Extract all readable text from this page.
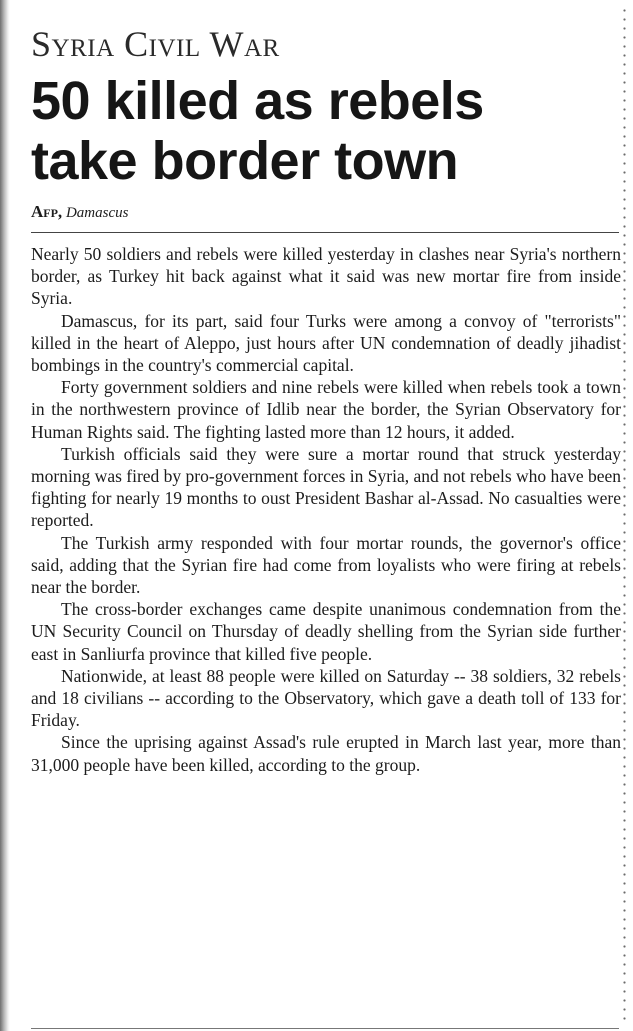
Syria Civil War
50 killed as rebels
take border town
Afp, Damascus

Nearly 50 soldiers and rebels were killed yesterday in clashes near Syria's northern border, as Turkey hit back against what it said was new mortar fire from inside Syria.

Damascus, for its part, said four Turks were among a convoy of "terrorists" killed in the heart of Aleppo, just hours after UN condemnation of deadly jihadist bombings in the country's commercial capital.

Forty government soldiers and nine rebels were killed when rebels took a town in the northwestern province of Idlib near the border, the Syrian Observatory for Human Rights said. The fighting lasted more than 12 hours, it added.

Turkish officials said they were sure a mortar round that struck yesterday morning was fired by pro-government forces in Syria, and not rebels who have been fighting for nearly 19 months to oust President Bashar al-Assad. No casualties were reported.

The Turkish army responded with four mortar rounds, the governor's office said, adding that the Syrian fire had come from loyalists who were firing at rebels near the border.

The cross-border exchanges came despite unanimous condemnation from the UN Security Council on Thursday of deadly shelling from the Syrian side further east in Sanliurfa province that killed five people.

Nationwide, at least 88 people were killed on Saturday -- 38 soldiers, 32 rebels and 18 civilians -- according to the Observatory, which gave a death toll of 133 for Friday.

Since the uprising against Assad's rule erupted in March last year, more than 31,000 people have been killed, according to the group.
